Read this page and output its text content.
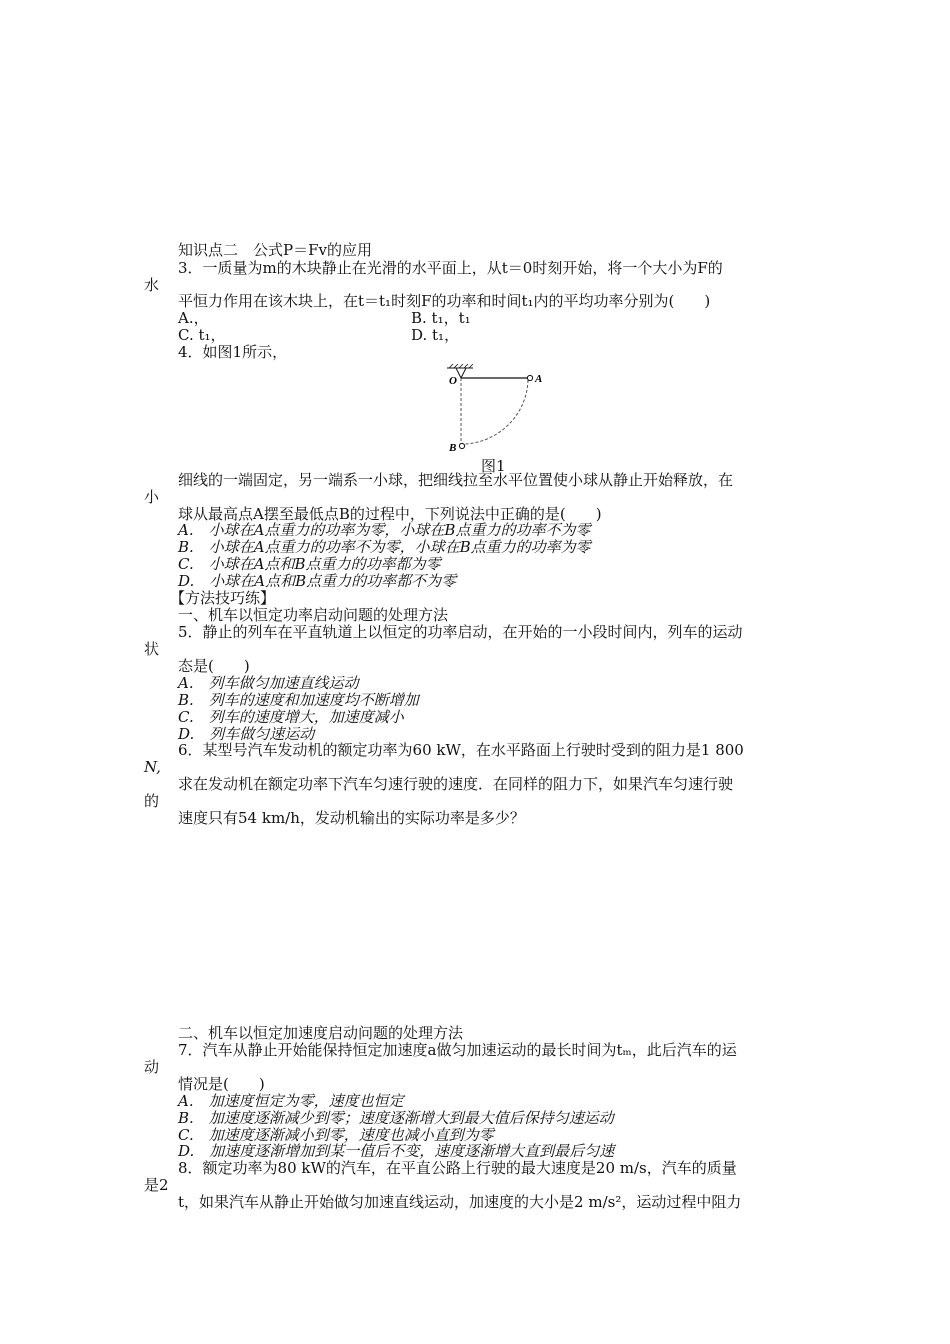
知识点二　公式P＝Fv的应用
3．一质量为m的木块静止在光滑的水平面上，从t＝0时刻开始，将一个大小为F的
水
平恒力作用在该木块上，在t＝t₁时刻F的功率和时间t₁内的平均功率分别为(　　)
A.，	B. t₁，t₁
C. t₁，	D. t₁，
4．如图1所示，
O	A
B
图1
细线的一端固定，另一端系一小球，把细线拉至水平位置使小球从静止开始释放，在
小
球从最高点A摆至最低点B的过程中，下列说法中正确的是(　　)
A.　小球在A点重力的功率为零，小球在B点重力的功率不为零
B.　小球在A点重力的功率不为零，小球在B点重力的功率为零
C.　小球在A点和B点重力的功率都为零
D.　小球在A点和B点重力的功率都不为零
【方法技巧练】
一、机车以恒定功率启动问题的处理方法
5．静止的列车在平直轨道上以恒定的功率启动，在开始的一小段时间内，列车的运动
状
态是(　　)
A.　列车做匀加速直线运动
B.　列车的速度和加速度均不断增加
C.　列车的速度增大，加速度减小
D.　列车做匀速运动
6．某型号汽车发动机的额定功率为60 kW，在水平路面上行驶时受到的阻力是1 800
N,
求在发动机在额定功率下汽车匀速行驶的速度．在同样的阻力下，如果汽车匀速行驶
的
速度只有54 km/h，发动机输出的实际功率是多少？
二、机车以恒定加速度启动问题的处理方法
7．汽车从静止开始能保持恒定加速度a做匀加速运动的最长时间为tₘ，此后汽车的运
动
情况是(　　)
A.　加速度恒定为零，速度也恒定
B.　加速度逐渐减少到零；速度逐渐增大到最大值后保持匀速运动
C.　加速度逐渐减小到零，速度也减小直到为零
D.　加速度逐渐增加到某一值后不变，速度逐渐增大直到最后匀速
8．额定功率为80 kW的汽车，在平直公路上行驶的最大速度是20 m/s，汽车的质量
是2
t，如果汽车从静止开始做匀加速直线运动，加速度的大小是2 m/s²，运动过程中阻力
